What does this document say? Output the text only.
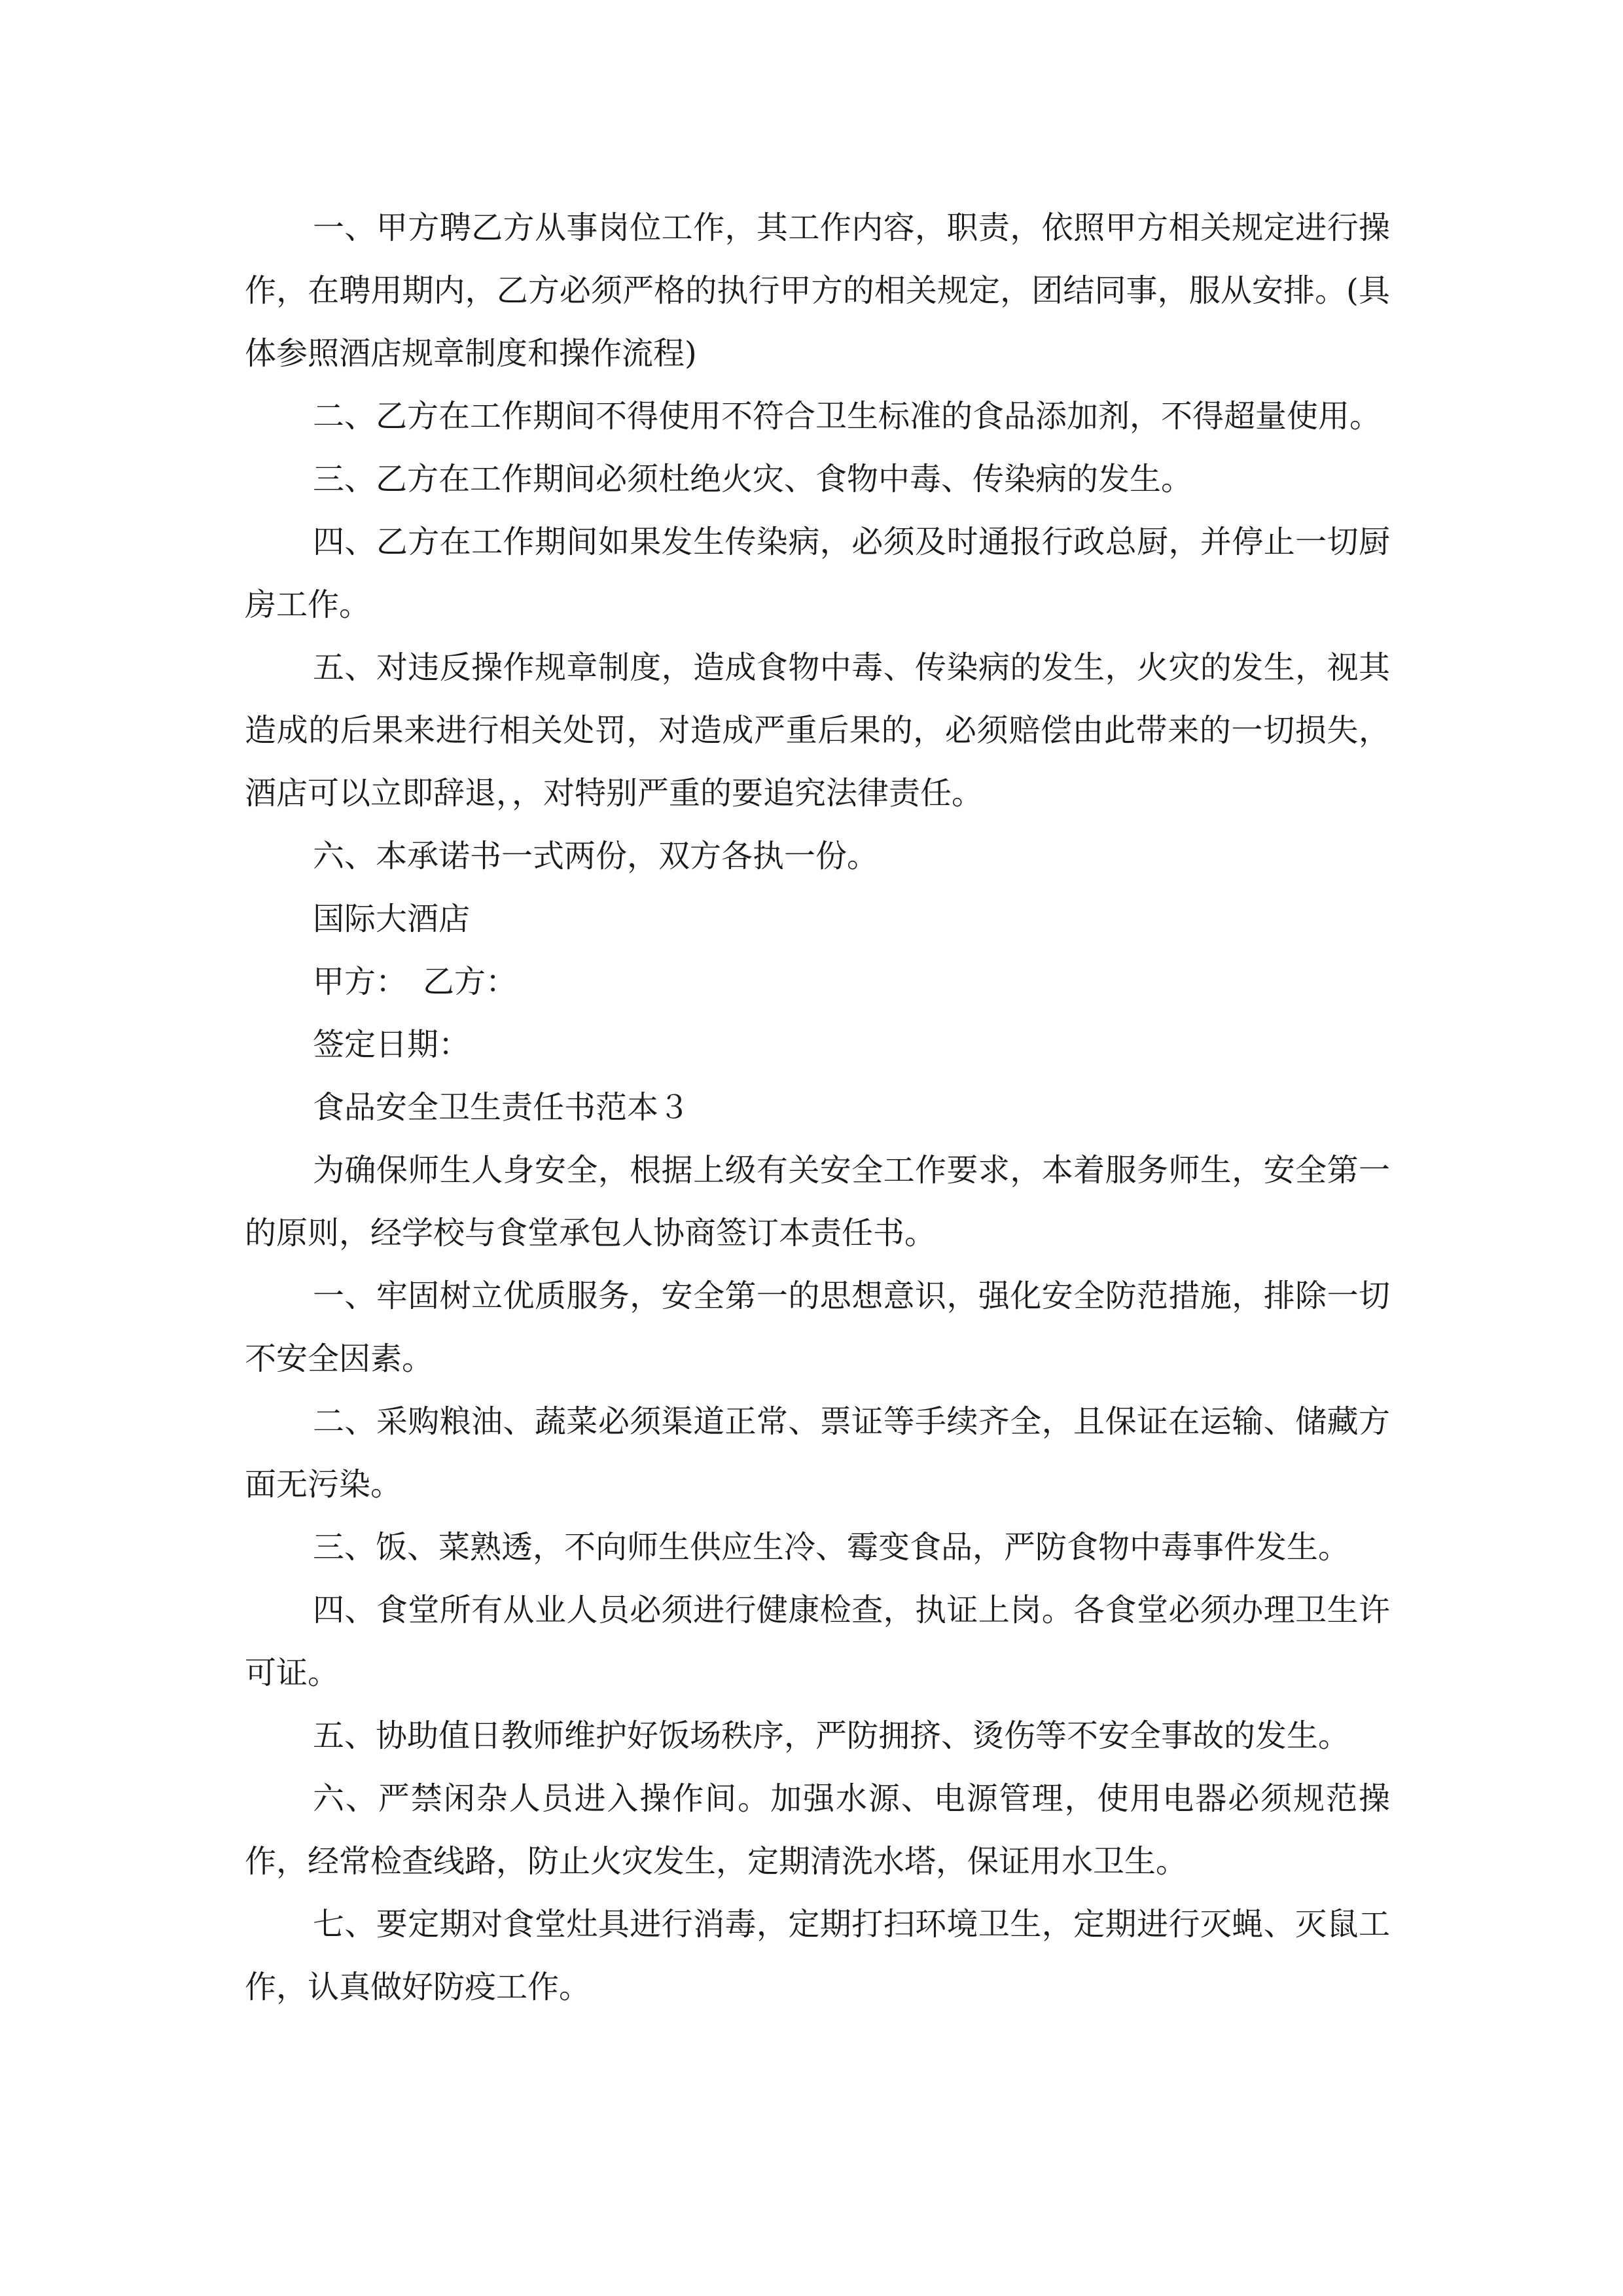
一、甲方聘乙方从事岗位工作，其工作内容，职责，依照甲方相关规定进行操作，在聘用期内，乙方必须严格的执行甲方的相关规定，团结同事，服从安排。(具体参照酒店规章制度和操作流程)

二、乙方在工作期间不得使用不符合卫生标准的食品添加剂，不得超量使用。

三、乙方在工作期间必须杜绝火灾、食物中毒、传染病的发生。

四、乙方在工作期间如果发生传染病，必须及时通报行政总厨，并停止一切厨房工作。

五、对违反操作规章制度，造成食物中毒、传染病的发生，火灾的发生，视其造成的后果来进行相关处罚，对造成严重后果的，必须赔偿由此带来的一切损失，酒店可以立即辞退，，对特别严重的要追究法律责任。

六、本承诺书一式两份，双方各执一份。

国际大酒店

甲方：　乙方：

签定日期：

食品安全卫生责任书范本３

为确保师生人身安全，根据上级有关安全工作要求，本着服务师生，安全第一的原则，经学校与食堂承包人协商签订本责任书。

一、牢固树立优质服务，安全第一的思想意识，强化安全防范措施，排除一切不安全因素。

二、采购粮油、蔬菜必须渠道正常、票证等手续齐全，且保证在运输、储藏方面无污染。

三、饭、菜熟透，不向师生供应生冷、霉变食品，严防食物中毒事件发生。

四、食堂所有从业人员必须进行健康检查，执证上岗。各食堂必须办理卫生许可证。

五、协助值日教师维护好饭场秩序，严防拥挤、烫伤等不安全事故的发生。

六、严禁闲杂人员进入操作间。加强水源、电源管理，使用电器必须规范操作，经常检查线路，防止火灾发生，定期清洗水塔，保证用水卫生。

七、要定期对食堂灶具进行消毒，定期打扫环境卫生，定期进行灭蝇、灭鼠工作，认真做好防疫工作。
